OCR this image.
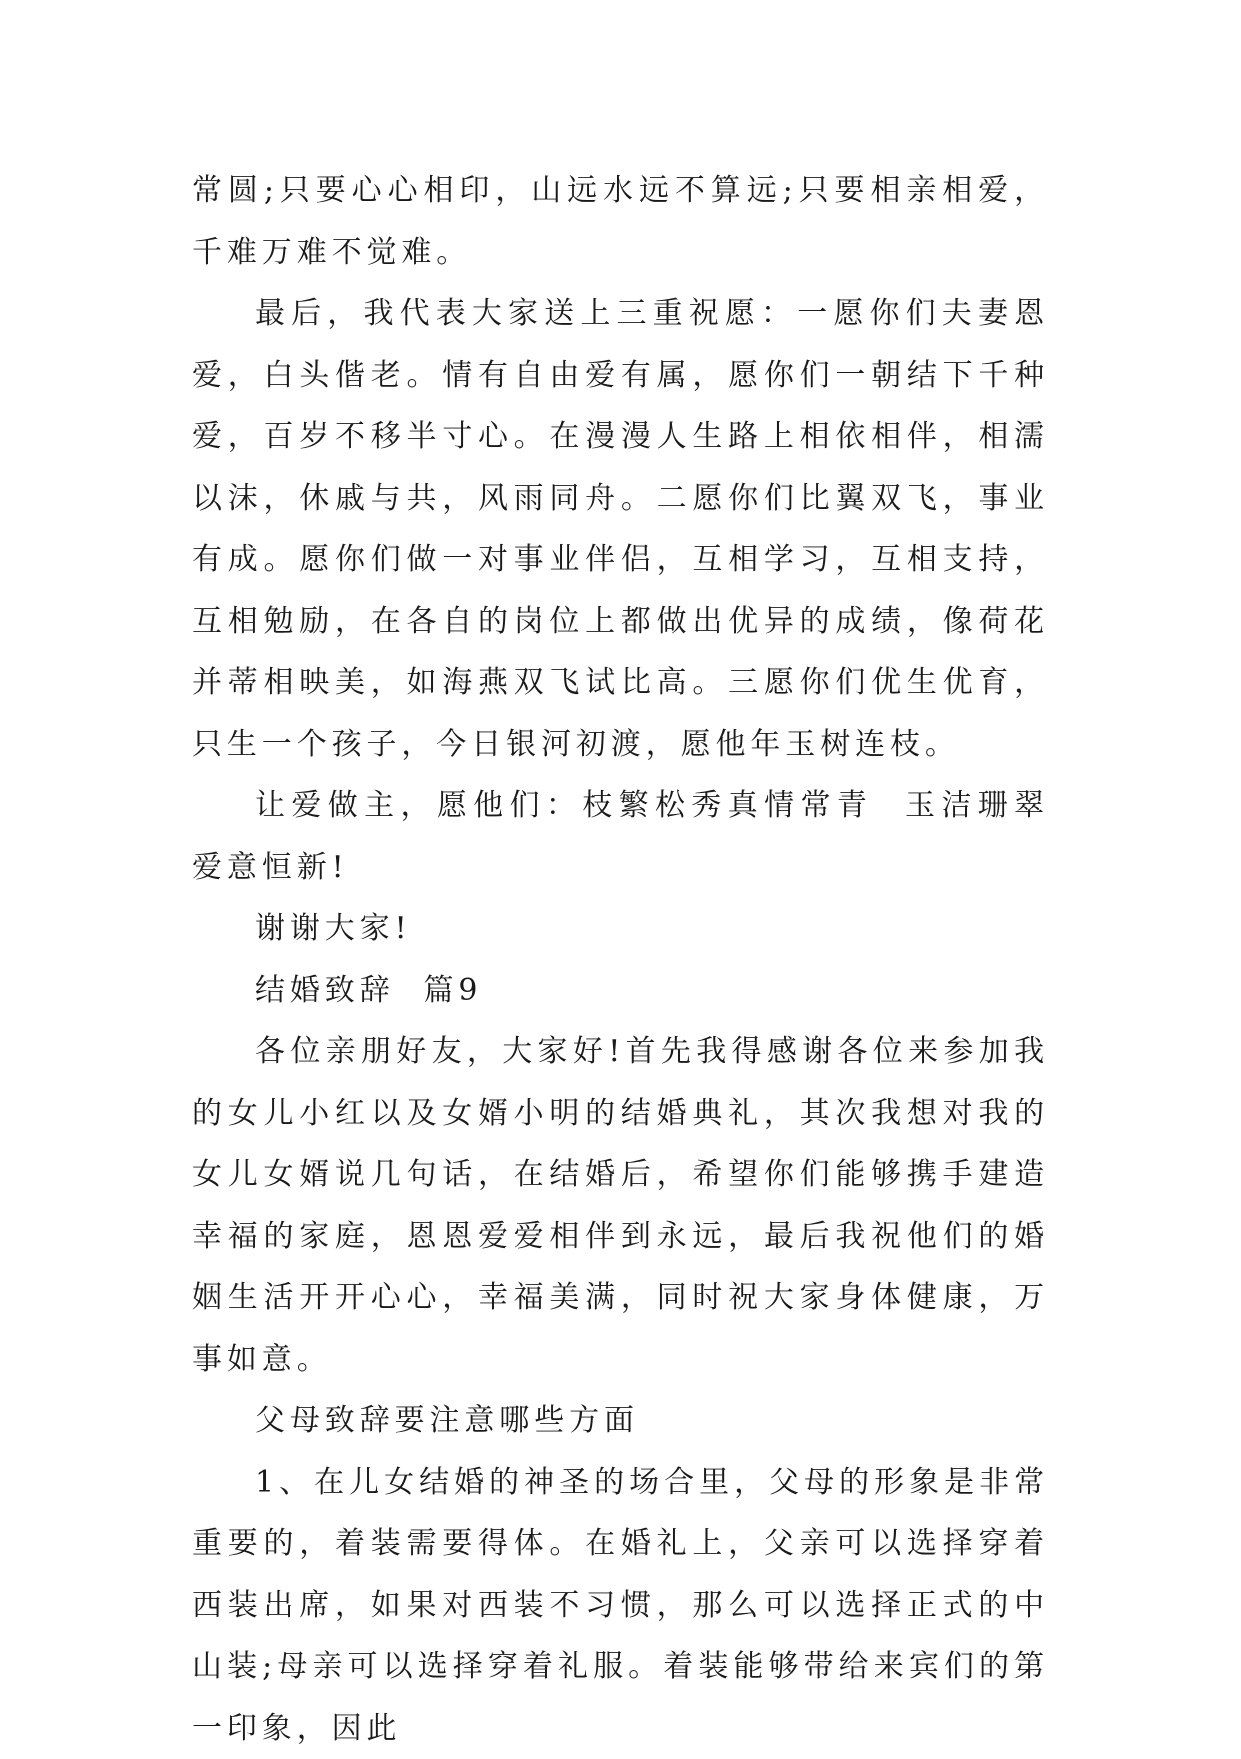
常圆;只要心心相印，山远水远不算远;只要相亲相爱，千难万难不觉难。

最后，我代表大家送上三重祝愿：一愿你们夫妻恩爱，白头偕老。情有自由爱有属，愿你们一朝结下千种爱，百岁不移半寸心。在漫漫人生路上相依相伴，相濡以沫，休戚与共，风雨同舟。二愿你们比翼双飞，事业有成。愿你们做一对事业伴侣，互相学习，互相支持，互相勉励，在各自的岗位上都做出优异的成绩，像荷花并蒂相映美，如海燕双飞试比高。三愿你们优生优育，只生一个孩子，今日银河初渡，愿他年玉树连枝。

让爱做主，愿他们：枝繁松秀真情常青  玉洁珊翠爱意恒新!

谢谢大家!

结婚致辞  篇9

各位亲朋好友，大家好!首先我得感谢各位来参加我的女儿小红以及女婿小明的结婚典礼，其次我想对我的女儿女婿说几句话，在结婚后，希望你们能够携手建造幸福的家庭，恩恩爱爱相伴到永远，最后我祝他们的婚姻生活开开心心，幸福美满，同时祝大家身体健康，万事如意。

父母致辞要注意哪些方面

1、在儿女结婚的神圣的场合里，父母的形象是非常重要的，着装需要得体。在婚礼上，父亲可以选择穿着西装出席，如果对西装不习惯，那么可以选择正式的中山装;母亲可以选择穿着礼服。着装能够带给来宾们的第一印象，因此
